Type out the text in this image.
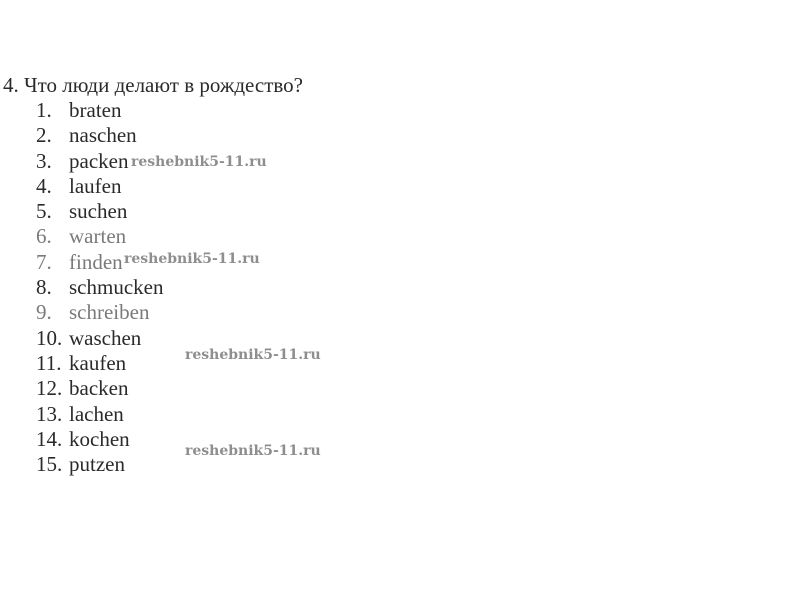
4. Что люди делают в рождество?
1. braten
2. naschen
3. packen
4. laufen
5. suchen
6. warten
7. finden
8. schmucken
9. schreiben
10. waschen
11. kaufen
12. backen
13. lachen
14. kochen
15. putzen
reshebnik5-11.ru
reshebnik5-11.ru
reshebnik5-11.ru
reshebnik5-11.ru
